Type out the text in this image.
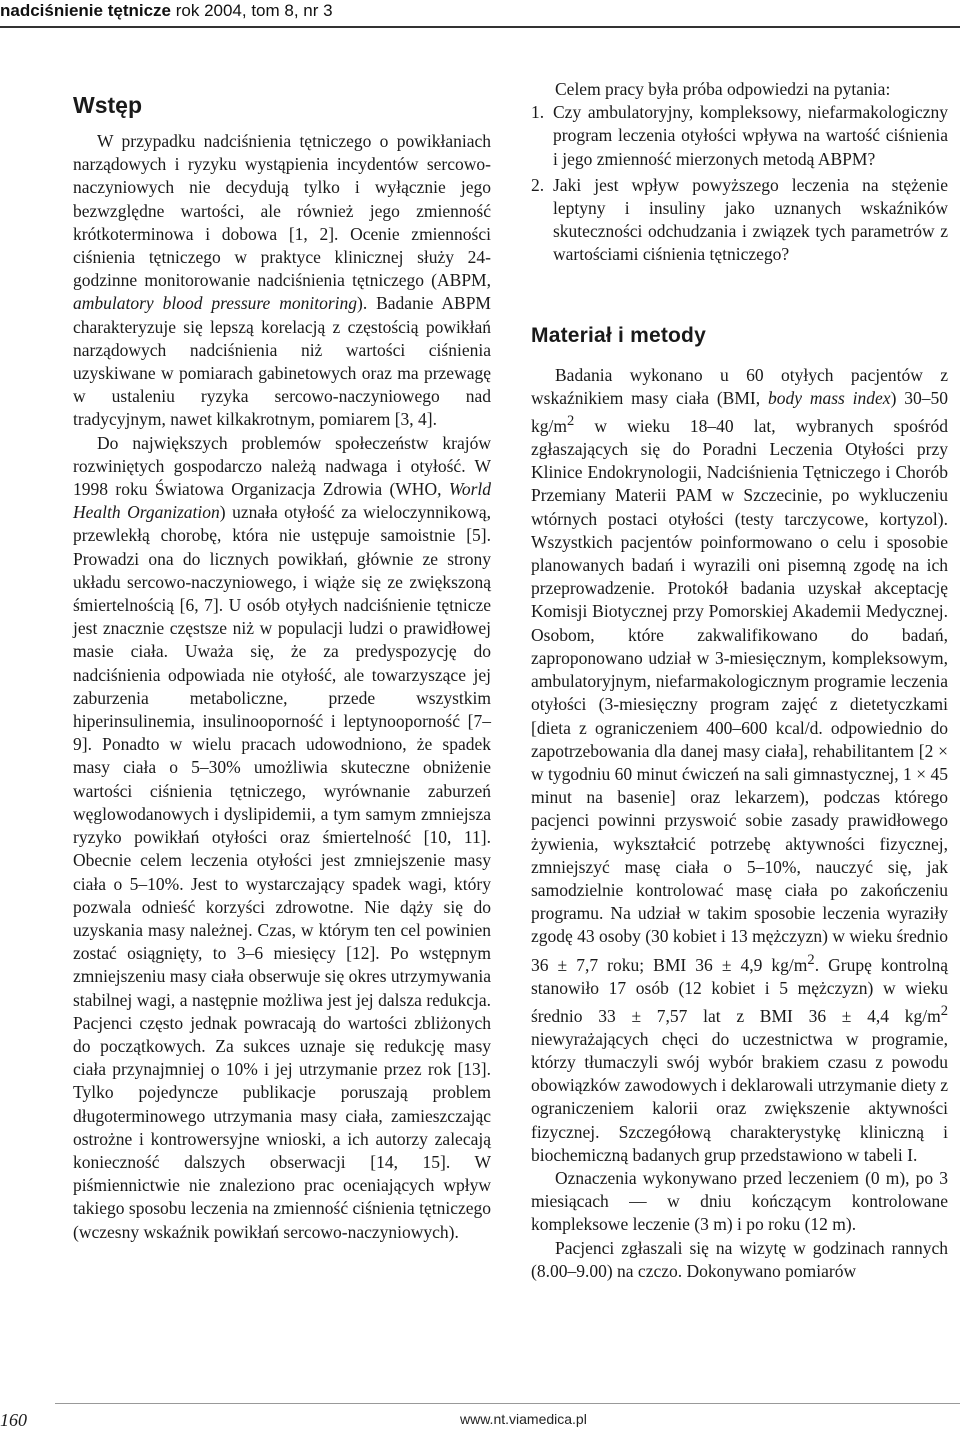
nadciśnienie tętnicze rok 2004, tom 8, nr 3
Wstęp

W przypadku nadciśnienia tętniczego o powikłaniach narządowych i ryzyku wystąpienia incydentów sercowo-naczyniowych nie decydują tylko i wyłącznie jego bezwzględne wartości, ale również jego zmienność krótkoterminowa i dobowa [1, 2]. Ocenie zmienności ciśnienia tętniczego w praktyce klinicznej służy 24-godzinne monitorowanie nadciśnienia tętniczego (ABPM, ambulatory blood pressure monitoring). Badanie ABPM charakteryzuje się lepszą korelacją z częstością powikłań narządowych nadciśnienia niż wartości ciśnienia uzyskiwane w pomiarach gabinetowych oraz ma przewagę w ustaleniu ryzyka sercowo-naczyniowego nad tradycyjnym, nawet kilkakrotnym, pomiarem [3, 4].

Do największych problemów społeczeństw krajów rozwiniętych gospodarczo należą nadwaga i otyłość. W 1998 roku Światowa Organizacja Zdrowia (WHO, World Health Organization) uznała otyłość za wieloczynnikową, przewlekłą chorobę, która nie ustępuje samoistnie [5]. Prowadzi ona do licznych powikłań, głównie ze strony układu sercowo-naczyniowego, i wiąże się ze zwiększoną śmiertelnością [6, 7]. U osób otyłych nadciśnienie tętnicze jest znacznie częstsze niż w populacji ludzi o prawidłowej masie ciała. Uważa się, że za predyspozycję do nadciśnienia odpowiada nie otyłość, ale towarzyszące jej zaburzenia metaboliczne, przede wszystkim hiperinsulinemia, insulinooporność i leptynooporność [7–9]. Ponadto w wielu pracach udowodniono, że spadek masy ciała o 5–30% umożliwia skuteczne obniżenie wartości ciśnienia tętniczego, wyrównanie zaburzeń węglowodanowych i dyslipidemii, a tym samym zmniejsza ryzyko powikłań otyłości oraz śmiertelność [10, 11]. Obecnie celem leczenia otyłości jest zmniejszenie masy ciała o 5–10%. Jest to wystarczający spadek wagi, który pozwala odnieść korzyści zdrowotne. Nie dąży się do uzyskania masy należnej. Czas, w którym ten cel powinien zostać osiągnięty, to 3–6 miesięcy [12]. Po wstępnym zmniejszeniu masy ciała obserwuje się okres utrzymywania stabilnej wagi, a następnie możliwa jest jej dalsza redukcja. Pacjenci często jednak powracają do wartości zbliżonych do początkowych. Za sukces uznaje się redukcję masy ciała przynajmniej o 10% i jej utrzymanie przez rok [13]. Tylko pojedyncze publikacje poruszają problem długoterminowego utrzymania masy ciała, zamieszczając ostrożne i kontrowersyjne wnioski, a ich autorzy zalecają konieczność dalszych obserwacji [14, 15]. W piśmiennictwie nie znaleziono prac oceniających wpływ takiego sposobu leczenia na zmienność ciśnienia tętniczego (wczesny wskaźnik powikłań sercowo-naczyniowych).

Celem pracy była próba odpowiedzi na pytania:

1. Czy ambulatoryjny, kompleksowy, niefarmakologiczny program leczenia otyłości wpływa na wartość ciśnienia i jego zmienność mierzonych metodą ABPM?
2. Jaki jest wpływ powyższego leczenia na stężenie leptyny i insuliny jako uznanych wskaźników skuteczności odchudzania i związek tych parametrów z wartościami ciśnienia tętniczego?
Materiał i metody

Badania wykonano u 60 otyłych pacjentów z wskaźnikiem masy ciała (BMI, body mass index) 30–50 $kg/m^2$ w wieku 18–40 lat, wybranych spośród zgłaszających się do Poradni Leczenia Otyłości przy Klinice Endokrynologii, Nadciśnienia Tętniczego i Chorób Przemiany Materii PAM w Szczecinie, po wykluczeniu wtórnych postaci otyłości (testy tarczycowe, kortyzol). Wszystkich pacjentów poinformowano o celu i sposobie planowanych badań i wyrazili oni pisemną zgodę na ich przeprowadzenie. Protokół badania uzyskał akceptację Komisji Biotycznej przy Pomorskiej Akademii Medycznej. Osobom, które zakwalifikowano do badań, zaproponowano udział w 3-miesięcznym, kompleksowym, ambulatoryjnym, niefarmakologicznym programie leczenia otyłości (3-miesięczny program zajęć z dietetyczkami [dieta z ograniczeniem 400–600 kcal/d. odpowiednio do zapotrzebowania dla danej masy ciała], rehabilitantem [2 × w tygodniu 60 minut ćwiczeń na sali gimnastycznej, 1 × 45 minut na basenie] oraz lekarzem), podczas którego pacjenci powinni przyswoić sobie zasady prawidłowego żywienia, wykształcić potrzebę aktywności fizycznej, zmniejszyć masę ciała o 5–10%, nauczyć się, jak samodzielnie kontrolować masę ciała po zakończeniu programu. Na udział w takim sposobie leczenia wyraziły zgodę 43 osoby (30 kobiet i 13 mężczyzn) w wieku średnio 36 ± 7,7 roku; BMI 36 ± 4,9 $kg/m^2$. Grupę kontrolną stanowiło 17 osób (12 kobiet i 5 mężczyzn) w wieku średnio 33 ± 7,57 lat z BMI 36 ± 4,4 $kg/m^2$ niewyrażających chęci do uczestnictwa w programie, którzy tłumaczyli swój wybór brakiem czasu z powodu obowiązków zawodowych i deklarowali utrzymanie diety z ograniczeniem kalorii oraz zwiększenie aktywności fizycznej. Szczegółową charakterystykę kliniczną i biochemiczną badanych grup przedstawiono w tabeli I.

Oznaczenia wykonywano przed leczeniem (0 m), po 3 miesiącach — w dniu kończącym kontrolowane kompleksowe leczenie (3 m) i po roku (12 m).

Pacjenci zgłaszali się na wizytę w godzinach rannych (8.00–9.00) na czczo. Dokonywano pomiarów

160	www.nt.viamedica.pl
